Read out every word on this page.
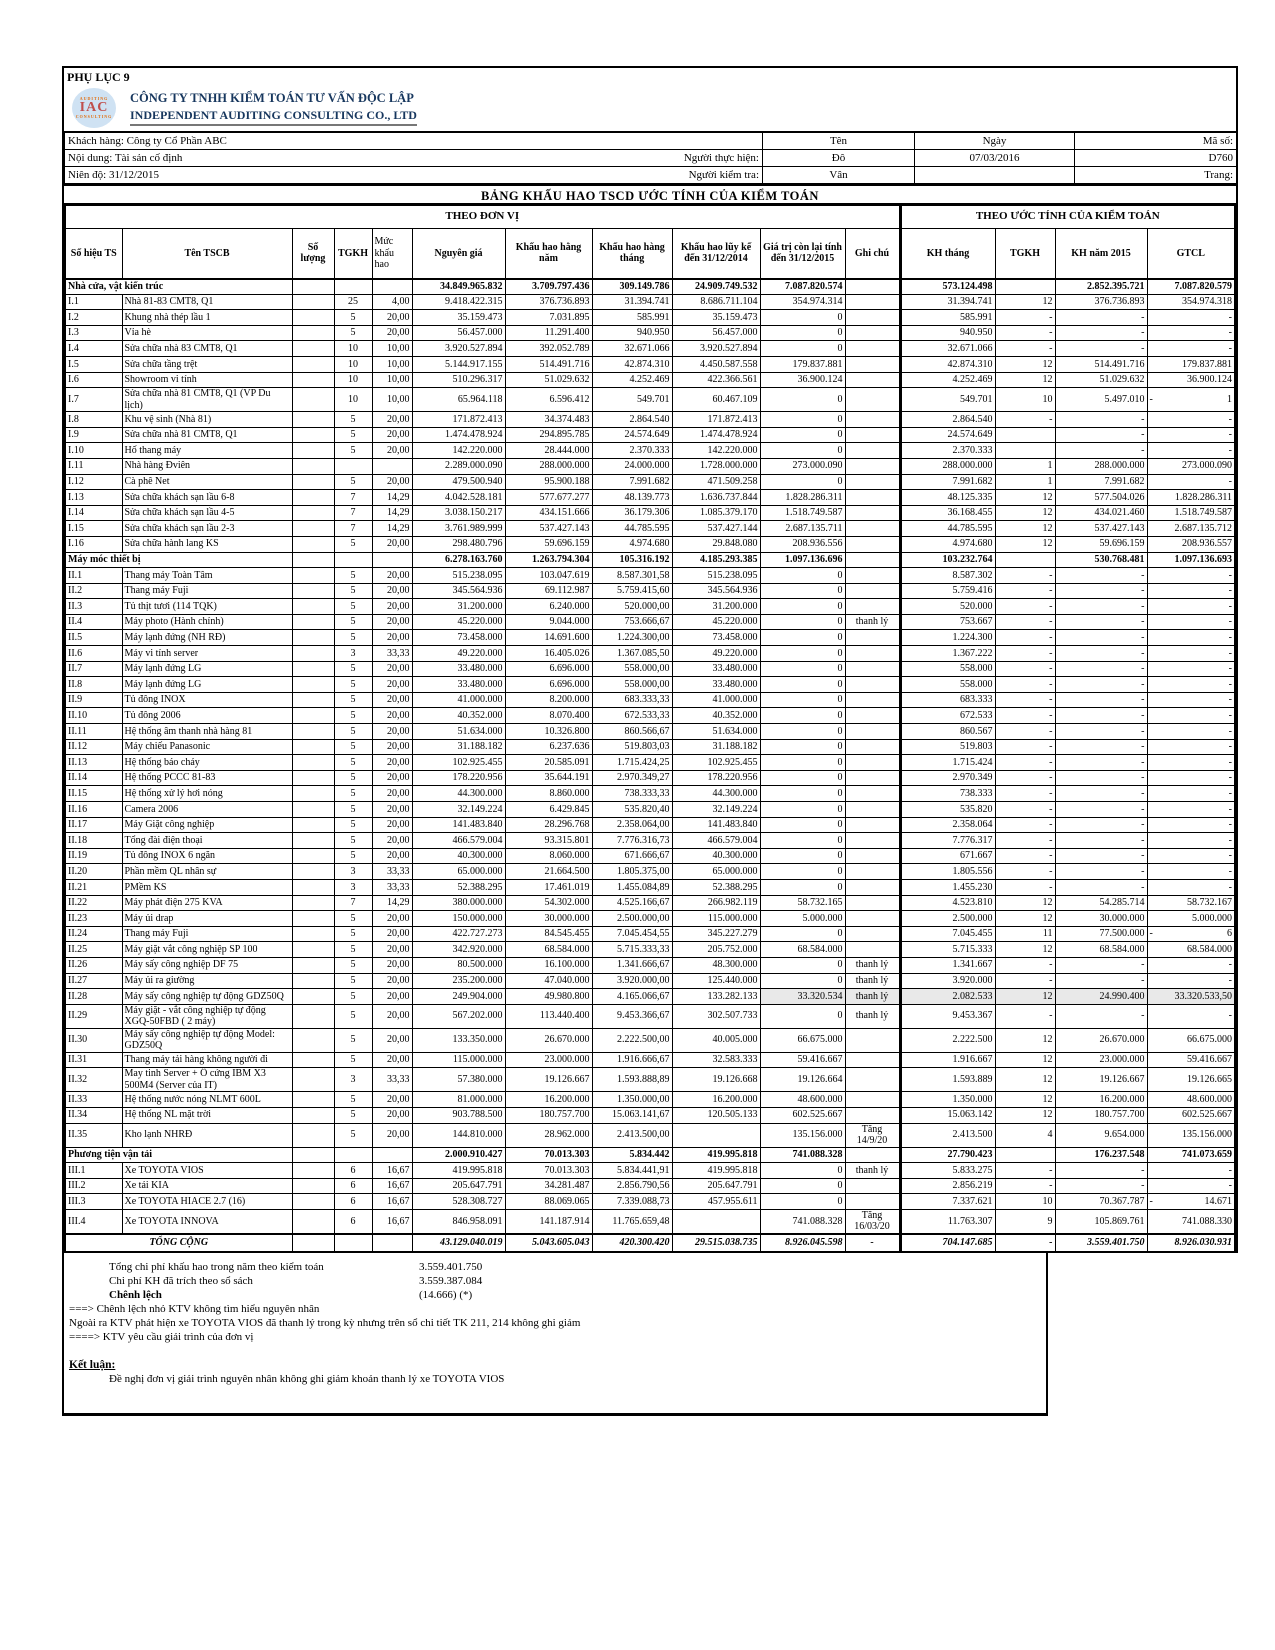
PHỤ LỤC 9
AUDITING
IAC
CONSULTING
CÔNG TY TNHH KIỂM TOÁN TƯ VẤN ĐỘC LẬP
INDEPENDENT AUDITING CONSULTING CO., LTD
Khách hàng: Công ty Cổ Phần ABC	Tên	Ngày	Mã số:

Nội dung: Tài sản cố định Người thực hiện:	Đô	07/03/2016	D760

Niên độ: 31/12/2015 Người kiểm tra:	Vân		Trang:
BẢNG KHẤU HAO TSCD ƯỚC TÍNH CỦA KIỂM TOÁN
THEO ĐƠN VỊ											THEO ƯỚC TÍNH CỦA KIỂM TOÁN			
Số hiệu TS	Tên TSCB	Số lượng	TGKH	Mức khấu hao	Nguyên giá	Khấu hao hằng năm	Khấu hao hàng tháng	Khấu hao lũy kế đến 31/12/2014	Giá trị còn lại tính đến 31/12/2015	Ghi chú	KH tháng	TGKH	KH năm 2015	GTCL
Nhà cửa, vật kiến trúc					34.849.965.832	3.709.797.436	309.149.786	24.909.749.532	7.087.820.574		573.124.498		2.852.395.721	7.087.820.579
I.1	Nhà 81-83 CMT8, Q1		25	4,00	9.418.422.315	376.736.893	31.394.741	8.686.711.104	354.974.314		31.394.741	12	376.736.893	354.974.318
I.2	Khung nhà thép lầu 1		5	20,00	35.159.473	7.031.895	585.991	35.159.473	0		585.991	-	-	-
I.3	Vỉa hè		5	20,00	56.457.000	11.291.400	940.950	56.457.000	0		940.950	-	-	-
I.4	Sửa chữa nhà 83 CMT8, Q1		10	10,00	3.920.527.894	392.052.789	32.671.066	3.920.527.894	0		32.671.066	-	-	-
I.5	Sửa chữa tầng trệt		10	10,00	5.144.917.155	514.491.716	42.874.310	4.450.587.558	179.837.881		42.874.310	12	514.491.716	179.837.881
I.6	Showroom vi tính		10	10,00	510.296.317	51.029.632	4.252.469	422.366.561	36.900.124		4.252.469	12	51.029.632	36.900.124
I.7	Sửa chữa nhà 81 CMT8, Q1 (VP Du lịch)		10	10,00	65.964.118	6.596.412	549.701	60.467.109	0		549.701	10	5.497.010	- 1

I.8	Khu vệ sinh (Nhà 81)		5	20,00	171.872.413	34.374.483	2.864.540	171.872.413	0		2.864.540	-	-	-
I.9	Sửa chữa nhà 81 CMT8, Q1		5	20,00	1.474.478.924	294.895.785	24.574.649	1.474.478.924	0		24.574.649		-	-
I.10	Hố thang máy		5	20,00	142.220.000	28.444.000	2.370.333	142.220.000	0		2.370.333		-	-
I.11	Nhà hàng Đviên				2.289.000.090	288.000.000	24.000.000	1.728.000.000	273.000.090		288.000.000	1	288.000.000	273.000.090
I.12	Cà phê Net		5	20,00	479.500.940	95.900.188	7.991.682	471.509.258	0		7.991.682	1	7.991.682	-
I.13	Sửa chữa khách sạn lầu 6-8		7	14,29	4.042.528.181	577.677.277	48.139.773	1.636.737.844	1.828.286.311		48.125.335	12	577.504.026	1.828.286.311
I.14	Sửa chữa khách sạn lầu 4-5		7	14,29	3.038.150.217	434.151.666	36.179.306	1.085.379.170	1.518.749.587		36.168.455	12	434.021.460	1.518.749.587
I.15	Sửa chữa khách sạn lầu 2-3		7	14,29	3.761.989.999	537.427.143	44.785.595	537.427.144	2.687.135.711		44.785.595	12	537.427.143	2.687.135.712
I.16	Sửa chữa hành lang KS		5	20,00	298.480.796	59.696.159	4.974.680	29.848.080	208.936.556		4.974.680	12	59.696.159	208.936.557
Máy móc thiết bị					6.278.163.760	1.263.794.304	105.316.192	4.185.293.385	1.097.136.696		103.232.764		530.768.481	1.097.136.693
II.1	Thang máy Toàn Tâm		5	20,00	515.238.095	103.047.619	8.587.301,58	515.238.095	0		8.587.302	-	-	-
II.2	Thang máy Fuji		5	20,00	345.564.936	69.112.987	5.759.415,60	345.564.936	0		5.759.416	-	-	-
II.3	Tủ thịt tươi (114 TQK)		5	20,00	31.200.000	6.240.000	520.000,00	31.200.000	0		520.000	-	-	-
II.4	Máy photo (Hành chính)		5	20,00	45.220.000	9.044.000	753.666,67	45.220.000	0	thanh lý	753.667	-	-	-
II.5	Máy lạnh đứng (NH RĐ)		5	20,00	73.458.000	14.691.600	1.224.300,00	73.458.000	0		1.224.300	-	-	-
II.6	Máy vi tính server		3	33,33	49.220.000	16.405.026	1.367.085,50	49.220.000	0		1.367.222	-	-	-
II.7	Máy lạnh đứng LG		5	20,00	33.480.000	6.696.000	558.000,00	33.480.000	0		558.000	-	-	-
II.8	Máy lạnh đứng LG		5	20,00	33.480.000	6.696.000	558.000,00	33.480.000	0		558.000	-	-	-
II.9	Tủ đông INOX		5	20,00	41.000.000	8.200.000	683.333,33	41.000.000	0		683.333	-	-	-
II.10	Tủ đông 2006		5	20,00	40.352.000	8.070.400	672.533,33	40.352.000	0		672.533	-	-	-
II.11	Hệ thống âm thanh nhà hàng 81		5	20,00	51.634.000	10.326.800	860.566,67	51.634.000	0		860.567	-	-	-
II.12	Máy chiếu Panasonic		5	20,00	31.188.182	6.237.636	519.803,03	31.188.182	0		519.803	-	-	-
II.13	Hệ thống báo cháy		5	20,00	102.925.455	20.585.091	1.715.424,25	102.925.455	0		1.715.424	-	-	-
II.14	Hệ thống PCCC 81-83		5	20,00	178.220.956	35.644.191	2.970.349,27	178.220.956	0		2.970.349	-	-	-
II.15	Hệ thống xử lý hơi nóng		5	20,00	44.300.000	8.860.000	738.333,33	44.300.000	0		738.333	-	-	-
II.16	Camera 2006		5	20,00	32.149.224	6.429.845	535.820,40	32.149.224	0		535.820	-	-	-
II.17	Máy Giặt công nghiệp		5	20,00	141.483.840	28.296.768	2.358.064,00	141.483.840	0		2.358.064	-	-	-
II.18	Tổng đài điện thoại		5	20,00	466.579.004	93.315.801	7.776.316,73	466.579.004	0		7.776.317	-	-	-
II.19	Tủ đông INOX 6 ngăn		5	20,00	40.300.000	8.060.000	671.666,67	40.300.000	0		671.667	-	-	-
II.20	Phần mềm QL nhân sự		3	33,33	65.000.000	21.664.500	1.805.375,00	65.000.000	0		1.805.556	-	-	-
II.21	PMềm KS		3	33,33	52.388.295	17.461.019	1.455.084,89	52.388.295	0		1.455.230	-	-	-
II.22	Máy phát điện 275 KVA		7	14,29	380.000.000	54.302.000	4.525.166,67	266.982.119	58.732.165		4.523.810	12	54.285.714	58.732.167
II.23	Máy ủi drap		5	20,00	150.000.000	30.000.000	2.500.000,00	115.000.000	5.000.000		2.500.000	12	30.000.000	5.000.000
II.24	Thang máy Fuji		5	20,00	422.727.273	84.545.455	7.045.454,55	345.227.279	0		7.045.455	11	77.500.000	- 6

II.25	Máy giặt vắt công nghiệp SP 100		5	20,00	342.920.000	68.584.000	5.715.333,33	205.752.000	68.584.000		5.715.333	12	68.584.000	68.584.000
II.26	Máy sấy công nghiệp DF 75		5	20,00	80.500.000	16.100.000	1.341.666,67	48.300.000	0	thanh lý	1.341.667	-	-	-
II.27	Máy ủi ra giường		5	20,00	235.200.000	47.040.000	3.920.000,00	125.440.000	0	thanh lý	3.920.000	-	-	-
II.28	Máy sấy công nghiệp tự động GDZ50Q		5	20,00	249.904.000	49.980.800	4.165.066,67	133.282.133	33.320.534	thanh lý	2.082.533	12	24.990.400	33.320.533,50
II.29	Máy giặt - vắt công nghiệp tự động XGQ-50FBD ( 2 máy)		5	20,00	567.202.000	113.440.400	9.453.366,67	302.507.733	0	thanh lý	9.453.367	-	-	-
II.30	Máy sấy công nghiệp tự động Model: GDZ50Q		5	20,00	133.350.000	26.670.000	2.222.500,00	40.005.000	66.675.000		2.222.500	12	26.670.000	66.675.000
II.31	Thang máy tải hàng không người đi		5	20,00	115.000.000	23.000.000	1.916.666,67	32.583.333	59.416.667		1.916.667	12	23.000.000	59.416.667
II.32	May tinh Server + Ổ cứng IBM X3 500M4 (Server của IT)		3	33,33	57.380.000	19.126.667	1.593.888,89	19.126.668	19.126.664		1.593.889	12	19.126.667	19.126.665
II.33	Hệ thống nước nóng NLMT 600L		5	20,00	81.000.000	16.200.000	1.350.000,00	16.200.000	48.600.000		1.350.000	12	16.200.000	48.600.000
II.34	Hệ thống NL mặt trời		5	20,00	903.788.500	180.757.700	15.063.141,67	120.505.133	602.525.667		15.063.142	12	180.757.700	602.525.667
II.35	Kho lạnh NHRĐ		5	20,00	144.810.000	28.962.000	2.413.500,00		135.156.000	Tăng 14/9/20	2.413.500	4	9.654.000	135.156.000
Phương tiện vận tải					2.000.910.427	70.013.303	5.834.442	419.995.818	741.088.328		27.790.423		176.237.548	741.073.659
III.1	Xe TOYOTA VIOS		6	16,67	419.995.818	70.013.303	5.834.441,91	419.995.818	0	thanh lý	5.833.275	-	-	-
III.2	Xe tải KIA		6	16,67	205.647.791	34.281.487	2.856.790,56	205.647.791	0		2.856.219	-	-	-
III.3	Xe TOYOTA HIACE 2.7 (16)		6	16,67	528.308.727	88.069.065	7.339.088,73	457.955.611	0		7.337.621	10	70.367.787	- 14.671

III.4	Xe TOYOTA INNOVA		6	16,67	846.958.091	141.187.914	11.765.659,48		741.088.328	Tăng 16/03/20	11.763.307	9	105.869.761	741.088.330
TỔNG CỘNG					43.129.040.019	5.043.605.043	420.300.420	29.515.038.735	8.926.045.598	-	704.147.685	-	3.559.401.750	8.926.030.931
Tổng chi phí khấu hao trong năm theo kiểm toán	3.559.401.750
Chi phí KH đã trích theo sổ sách	3.559.387.084
Chênh lệch	(14.666) (*)
===> Chênh lệch nhỏ KTV không tìm hiểu nguyên nhân
Ngoài ra KTV phát hiện xe TOYOTA VIOS đã thanh lý trong kỳ nhưng trên sổ chi tiết TK 211, 214 không ghi giảm
====> KTV yêu cầu giải trình của đơn vị
Kết luận:
Đề nghị đơn vị giải trình nguyên nhân không ghi giảm khoản thanh lý xe TOYOTA VIOS
